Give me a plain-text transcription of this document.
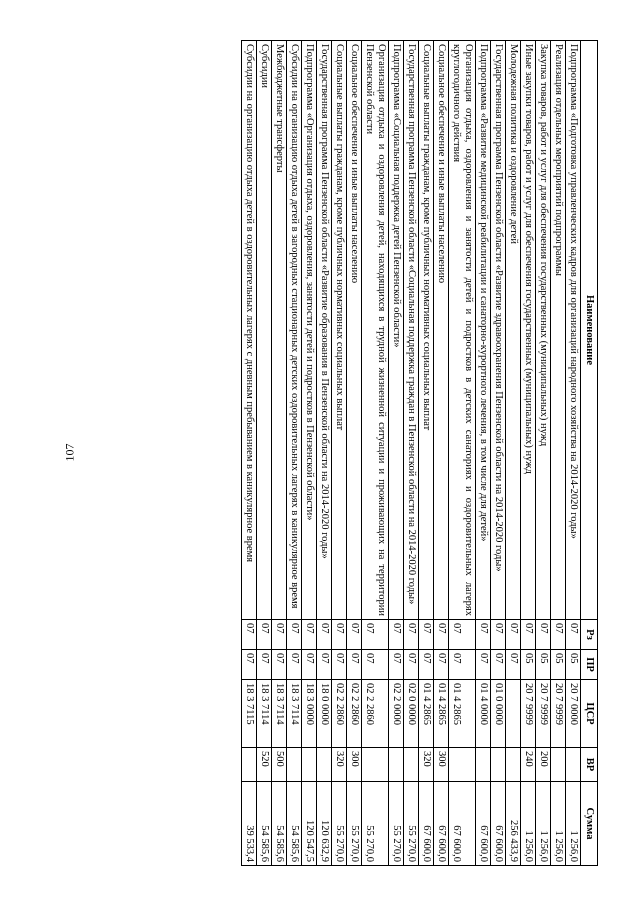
107
Наименование	Рз	ПР	ЦСР	ВР	Сумма
Подпрограмма «Подготовка управленческих кадров для организаций народного хозяйства на 2014-2020 годы»	07	05	20 7 0000		1 256,0
Реализация отдельных мероприятий подпрограммы	07	05	20 7 9999		1 256,0
Закупка товаров, работ и услуг для обеспечения государственных (муниципальных) нужд	07	05	20 7 9999	200	1 256,0
Иные закупки товаров, работ и услуг для обеспечения государственных (муниципальных) нужд	07	05	20 7 9999	240	1 256,0
Молодежная политика и оздоровление детей	07	07			256 433,9
Государственная программа Пензенской области «Развитие здравоохранения Пензенской области на 2014-2020 годы»	07	07	01 0 0000		67 600,0
Подпрограмма «Развитие медицинской реабилитации и санаторно-курортного лечения, в том числе для детей»	07	07	01 4 0000		67 600,0
Организация отдыха, оздоровления и занятости детей и подростков в детских санаториях и оздоровительных лагерях круглогодичного действия	07	07	01 4 2865		67 600,0
Социальное обеспечение и иные выплаты населению	07	07	01 4 2865	300	67 600,0
Социальные выплаты гражданам, кроме публичных нормативных социальных выплат	07	07	01 4 2865	320	67 600,0
Государственная программа Пензенской области «Социальная поддержка граждан в Пензенской области на 2014-2020 годы»	07	07	02 0 0000		55 270,0
Подпрограмма «Социальная поддержка детей Пензенской области»	07	07	02 2 0000		55 270,0
Организация отдыха и оздоровления детей, находящихся в трудной жизненной ситуации и проживающих на территории Пензенской области	07	07	02 2 2860		55 270,0
Социальное обеспечение и иные выплаты населению	07	07	02 2 2860	300	55 270,0
Социальные выплаты гражданам, кроме публичных нормативных социальных выплат	07	07	02 2 2860	320	55 270,0
Государственная программа Пензенской области «Развитие образования в Пензенской области на 2014-2020 годы»	07	07	18 0 0000		120 632,9
Подпрограмма «Организация отдыха, оздоровления, занятости детей и подростков в Пензенской области»	07	07	18 3 0000		120 547,5
Субсидии на организацию отдыха детей в загородных стационарных детских оздоровительных лагерях в каникулярное время	07	07	18 3 7114		54 585,6
Межбюджетные трансферты	07	07	18 3 7114	500	54 585,6
Субсидии	07	07	18 3 7114	520	54 585,6
Субсидии на организацию отдыха детей в оздоровительных лагерях с дневным пребыванием в каникулярное время	07	07	18 3 7115		39 533,4
